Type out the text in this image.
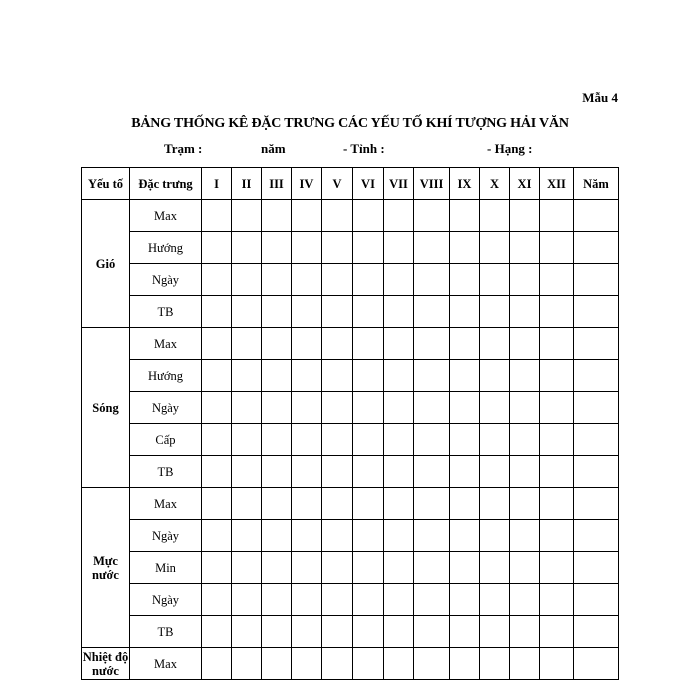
Mẫu 4
BẢNG THỐNG KÊ ĐẶC TRƯNG CÁC YẾU TỐ KHÍ TƯỢNG HẢI VĂN
Trạm :	năm	- Tỉnh :	- Hạng :
Yếu tố	Đặc trưng	I	II	III	IV	V	VI	VII	VIII	IX	X	XI	XII	Năm
Gió	Max													
	Hướng													
	Ngày													
	TB													
Sóng	Max													
	Hướng													
	Ngày													
	Cấp													
	TB													
Mực nước	Max													
	Ngày													
	Min													
	Ngày													
	TB													
Nhiệt độ nước	Max													
